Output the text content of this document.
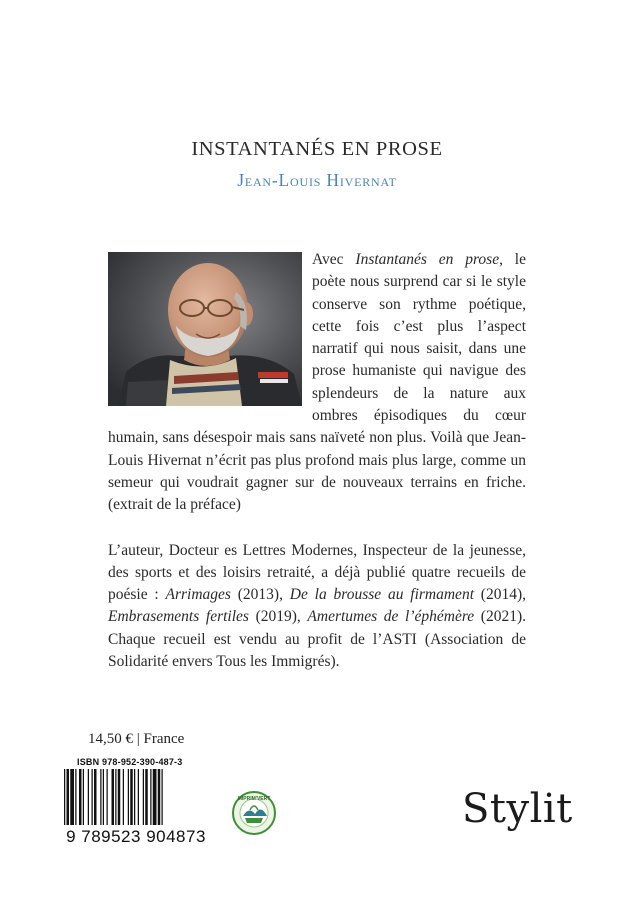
INSTANTANÉS EN PROSE
Jean-Louis Hivernat

Avec Instantanés en prose, le poète nous surprend car si le style conserve son rythme poétique, cette fois c’est plus l’aspect narratif qui nous saisit, dans une prose humaniste qui navigue des splendeurs de la nature aux ombres épisodiques du cœur humain, sans désespoir mais sans naïveté non plus. Voilà que Jean-Louis Hivernat n’écrit pas plus profond mais plus large, comme un semeur qui voudrait gagner sur de nouveaux terrains en friche. (extrait de la préface)

L’auteur, Docteur es Lettres Modernes, Inspecteur de la jeunesse, des sports et des loisirs retraité, a déjà publié quatre recueils de poésie : Arrimages (2013), De la brousse au firmament (2014), Embrasements fertiles (2019), Amertumes de l’éphémère (2021). Chaque recueil est vendu au profit de l’ASTI (Association de Solidarité envers Tous les Immigrés).

14,50 € | France
ISBN 978-952-390-487-3
9 789523 904873
IMPRIM'VERT	Stylit
